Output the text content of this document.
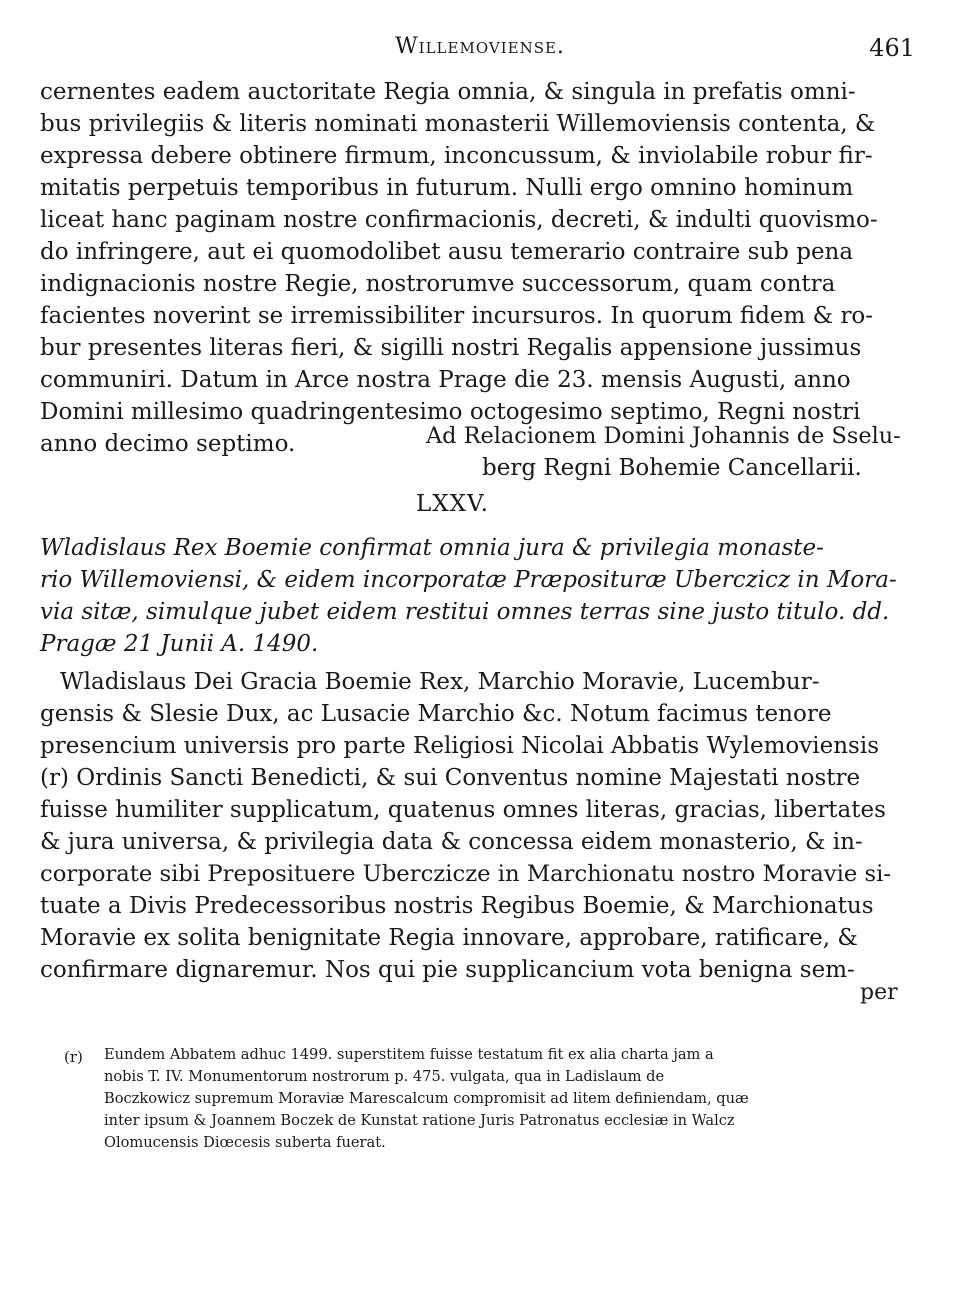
Willemoviense.	461
cernentes eadem auctoritate Regia omnia, & singula in prefatis omni-
bus privilegiis & literis nominati monasterii Willemoviensis contenta, &
expressa debere obtinere firmum, inconcussum, & inviolabile robur fir-
mitatis perpetuis temporibus in futurum. Nulli ergo omnino hominum
liceat hanc paginam nostre confirmacionis, decreti, & indulti quovismo-
do infringere, aut ei quomodolibet ausu temerario contraire sub pena
indignacionis nostre Regie, nostrorumve successorum, quam contra
facientes noverint se irremissibiliter incursuros. In quorum fidem & ro-
bur presentes literas fieri, & sigilli nostri Regalis appensione jussimus
communiri. Datum in Arce nostra Prage die 23. mensis Augusti, anno
Domini millesimo quadringentesimo octogesimo septimo, Regni nostri
anno decimo septimo.	Ad Relacionem Domini Johannis de Sselu-
berg Regni Bohemie Cancellarii.
LXXV.
Wladislaus Rex Boemie confirmat omnia jura & privilegia monaste-
rio Willemoviensi, & eidem incorporatæ Præposituræ Uberczicz in Mora-
via sitæ, simulque jubet eidem restitui omnes terras sine justo titulo. dd.
Pragæ 21 Junii A. 1490.
Wladislaus Dei Gracia Boemie Rex, Marchio Moravie, Lucembur-
gensis & Slesie Dux, ac Lusacie Marchio &c. Notum facimus tenore
presencium universis pro parte Religiosi Nicolai Abbatis Wylemoviensis
(r) Ordinis Sancti Benedicti, & sui Conventus nomine Majestati nostre
fuisse humiliter supplicatum, quatenus omnes literas, gracias, libertates
& jura universa, & privilegia data & concessa eidem monasterio, & in-
corporate sibi Preposituere Uberczicze in Marchionatu nostro Moravie si-
tuate a Divis Predecessoribus nostris Regibus Boemie, & Marchionatus
Moravie ex solita benignitate Regia innovare, approbare, ratificare, &
confirmare dignaremur. Nos qui pie supplicancium vota benigna sem-
per
(r) Eundem Abbatem adhuc 1499. superstitem fuisse testatum fit ex alia charta jam a
nobis T. IV. Monumentorum nostrorum p. 475. vulgata, qua in Ladislaum de
Boczkowicz supremum Moraviæ Marescalcum compromisit ad litem definiendam, quæ
inter ipsum & Joannem Boczek de Kunstat ratione Juris Patronatus ecclesiæ in Walcz
Olomucensis Diœcesis suberta fuerat.
